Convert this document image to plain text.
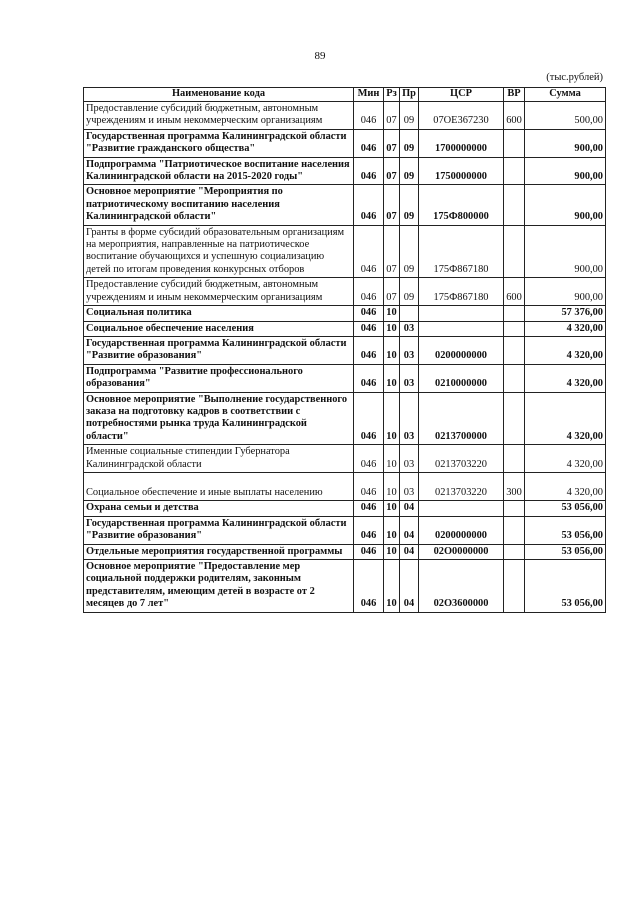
89
(тыс.рублей)
Наименование кода	Мин	Рз	Пр	ЦСР	ВР	Сумма
Предоставление субсидий бюджетным, автономным учреждениям и иным некоммерческим организациям	046	07	09	07ОЕ367230	600	500,00
Государственная программа Калининградской области "Развитие гражданского общества"	046	07	09	1700000000		900,00
Подпрограмма "Патриотическое воспитание населения Калининградской области на 2015-2020 годы"	046	07	09	1750000000		900,00
Основное мероприятие "Мероприятия по патриотическому воспитанию населения Калининградской области"	046	07	09	175Ф800000		900,00
Гранты в форме субсидий образовательным организациям на мероприятия, направленные на патриотическое воспитание обучающихся и успешную социализацию детей по итогам проведения конкурсных отборов	046	07	09	175Ф867180		900,00
Предоставление субсидий бюджетным, автономным учреждениям и иным некоммерческим организациям	046	07	09	175Ф867180	600	900,00
Социальная политика	046	10				57 376,00
Социальное обеспечение населения	046	10	03			4 320,00
Государственная программа Калининградской области "Развитие образования"	046	10	03	0200000000		4 320,00
Подпрограмма "Развитие профессионального образования"	046	10	03	0210000000		4 320,00
Основное мероприятие "Выполнение государственного заказа на подготовку кадров в соответствии с потребностями рынка труда Калининградской области"	046	10	03	0213700000		4 320,00
Именные социальные стипендии Губернатора Калининградской области	046	10	03	0213703220		4 320,00
Социальное обеспечение и иные выплаты населению	046	10	03	0213703220	300	4 320,00
Охрана семьи и детства	046	10	04			53 056,00
Государственная программа Калининградской области "Развитие образования"	046	10	04	0200000000		53 056,00
Отдельные мероприятия государственной программы	046	10	04	02О0000000		53 056,00
Основное мероприятие "Предоставление мер социальной поддержки родителям, законным представителям, имеющим детей в возрасте от 2 месяцев до 7 лет"	046	10	04	02О3600000		53 056,00
